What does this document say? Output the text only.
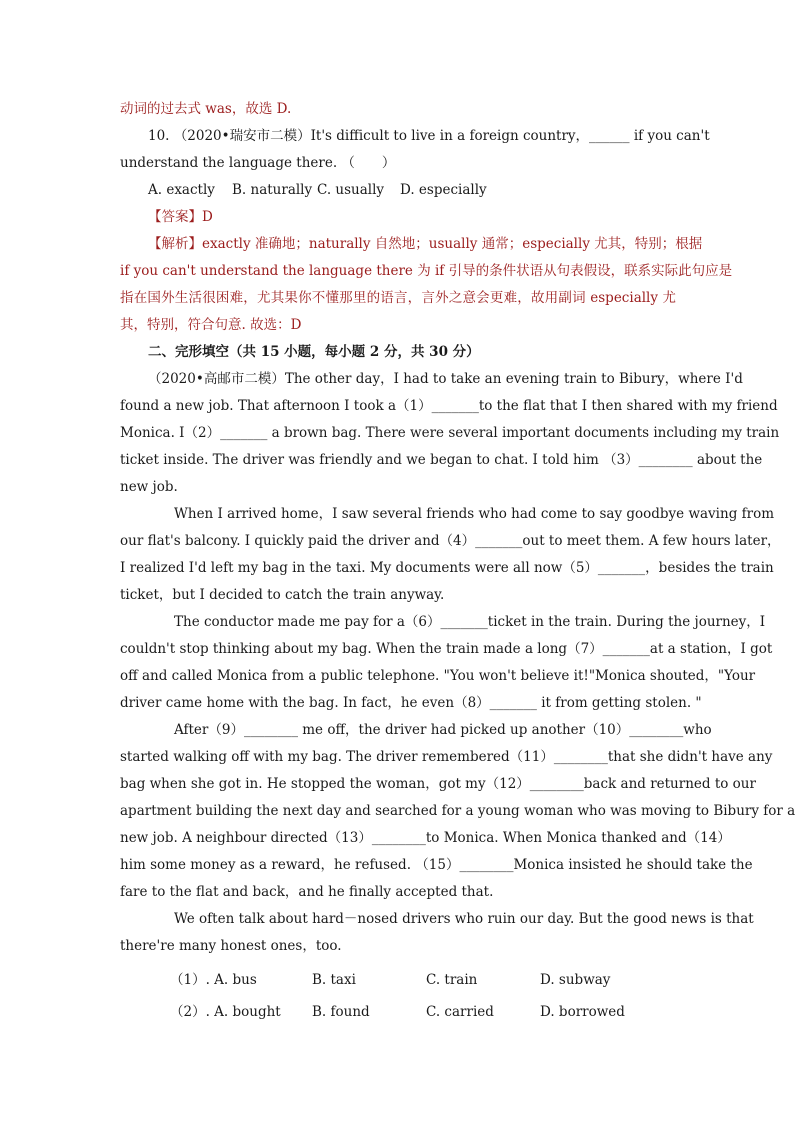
动词的过去式 was，故选 D.
10. （2020•瑞安市二模）It's difficult to live in a foreign country，______ if you can't
understand the language there. （　　）
A. exactly	B. naturally C. usually	D. especially
【答案】D
【解析】exactly 准确地；naturally 自然地；usually 通常；especially 尤其，特别；根据
if you can't understand the language there 为 if 引导的条件状语从句表假设，联系实际此句应是
指在国外生活很困难，尤其果你不懂那里的语言，言外之意会更难，故用副词 especially 尤
其，特别，符合句意. 故选：D
二、完形填空（共 15 小题，每小题 2 分，共 30 分）
（2020•高邮市二模）The other day，I had to take an evening train to Bibury，where I'd
found a new job. That afternoon I took a（1）_______to the flat that I then shared with my friend
Monica. I（2）_______ a brown bag. There were several important documents including my train
ticket inside. The driver was friendly and we began to chat. I told him （3）________ about the
new job.
When I arrived home，I saw several friends who had come to say goodbye waving from
our flat's balcony. I quickly paid the driver and（4）_______out to meet them. A few hours later，
I realized I'd left my bag in the taxi. My documents were all now（5）_______，besides the train
ticket，but I decided to catch the train anyway.
The conductor made me pay for a（6）_______ticket in the train. During the journey，I
couldn't stop thinking about my bag. When the train made a long（7）_______at a station，I got
off and called Monica from a public telephone. "You won't believe it!"Monica shouted，"Your
driver came home with the bag. In fact，he even（8）_______ it from getting stolen. "
After（9）________ me off，the driver had picked up another（10）________who
started walking off with my bag. The driver remembered（11）________that she didn't have any
bag when she got in. He stopped the woman，got my（12）________back and returned to our
apartment building the next day and searched for a young woman who was moving to Bibury for a
new job. A neighbour directed（13）________to Monica. When Monica thanked and（14）
him some money as a reward，he refused. （15）________Monica insisted he should take the
fare to the flat and back，and he finally accepted that.
We often talk about hard－nosed drivers who ruin our day. But the good news is that
there're many honest ones，too.
（1）. A. bus	B. taxi	C. train	D. subway
（2）. A. bought	B. found	C. carried	D. borrowed
